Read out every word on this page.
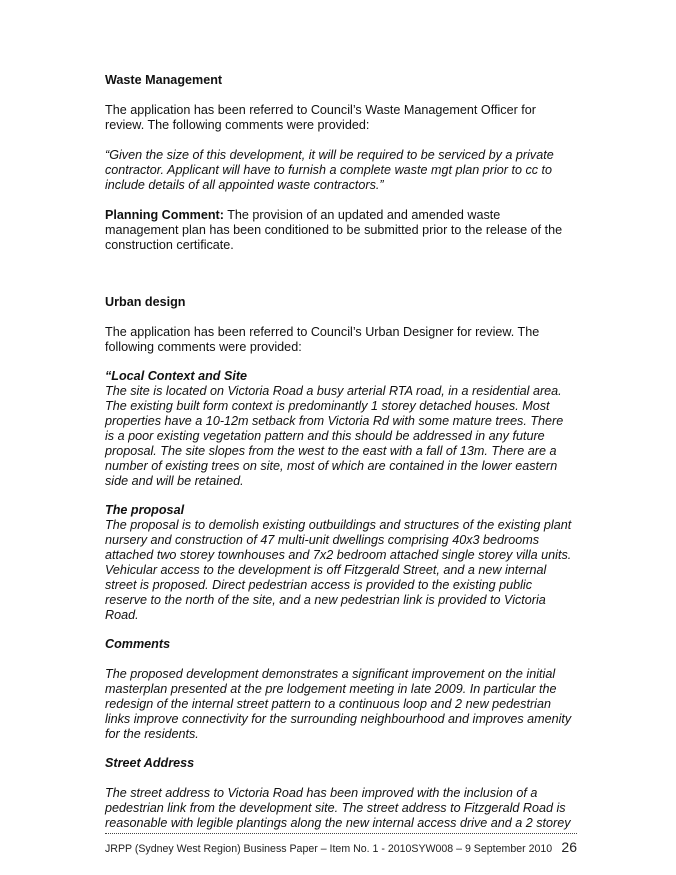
Waste Management

The application has been referred to Council’s Waste Management Officer for review. The following comments were provided:

“Given the size of this development, it will be required to be serviced by a private contractor. Applicant will have to furnish a complete waste mgt plan prior to cc to include details of all appointed waste contractors.”

Planning Comment: The provision of an updated and amended waste management plan has been conditioned to be submitted prior to the release of the construction certificate.

Urban design

The application has been referred to Council’s Urban Designer for review. The following comments were provided:

“Local Context and Site

The site is located on Victoria Road a busy arterial RTA road, in a residential area. The existing built form context is predominantly 1 storey detached houses. Most properties have a 10-12m setback from Victoria Rd with some mature trees. There is a poor existing vegetation pattern and this should be addressed in any future proposal. The site slopes from the west to the east with a fall of 13m. There are a number of existing trees on site, most of which are contained in the lower eastern side and will be retained.

The proposal

The proposal is to demolish existing outbuildings and structures of the existing plant nursery and construction of 47 multi-unit dwellings comprising 40x3 bedrooms attached two storey townhouses and 7x2 bedroom attached single storey villa units. Vehicular access to the development is off Fitzgerald Street, and a new internal street is proposed. Direct pedestrian access is provided to the existing public reserve to the north of the site, and a new pedestrian link is provided to Victoria Road.

Comments

The proposed development demonstrates a significant improvement on the initial masterplan presented at the pre lodgement meeting in late 2009. In particular the redesign of the internal street pattern to a continuous loop and 2 new pedestrian links improve connectivity for the surrounding neighbourhood and improves amenity for the residents.

Street Address

The street address to Victoria Road has been improved with the inclusion of a pedestrian link from the development site. The street address to Fitzgerald Road is reasonable with legible plantings along the new internal access drive and a 2 storey

JRPP (Sydney West Region) Business Paper – Item No. 1 - 2010SYW008 – 9 September 2010 26
